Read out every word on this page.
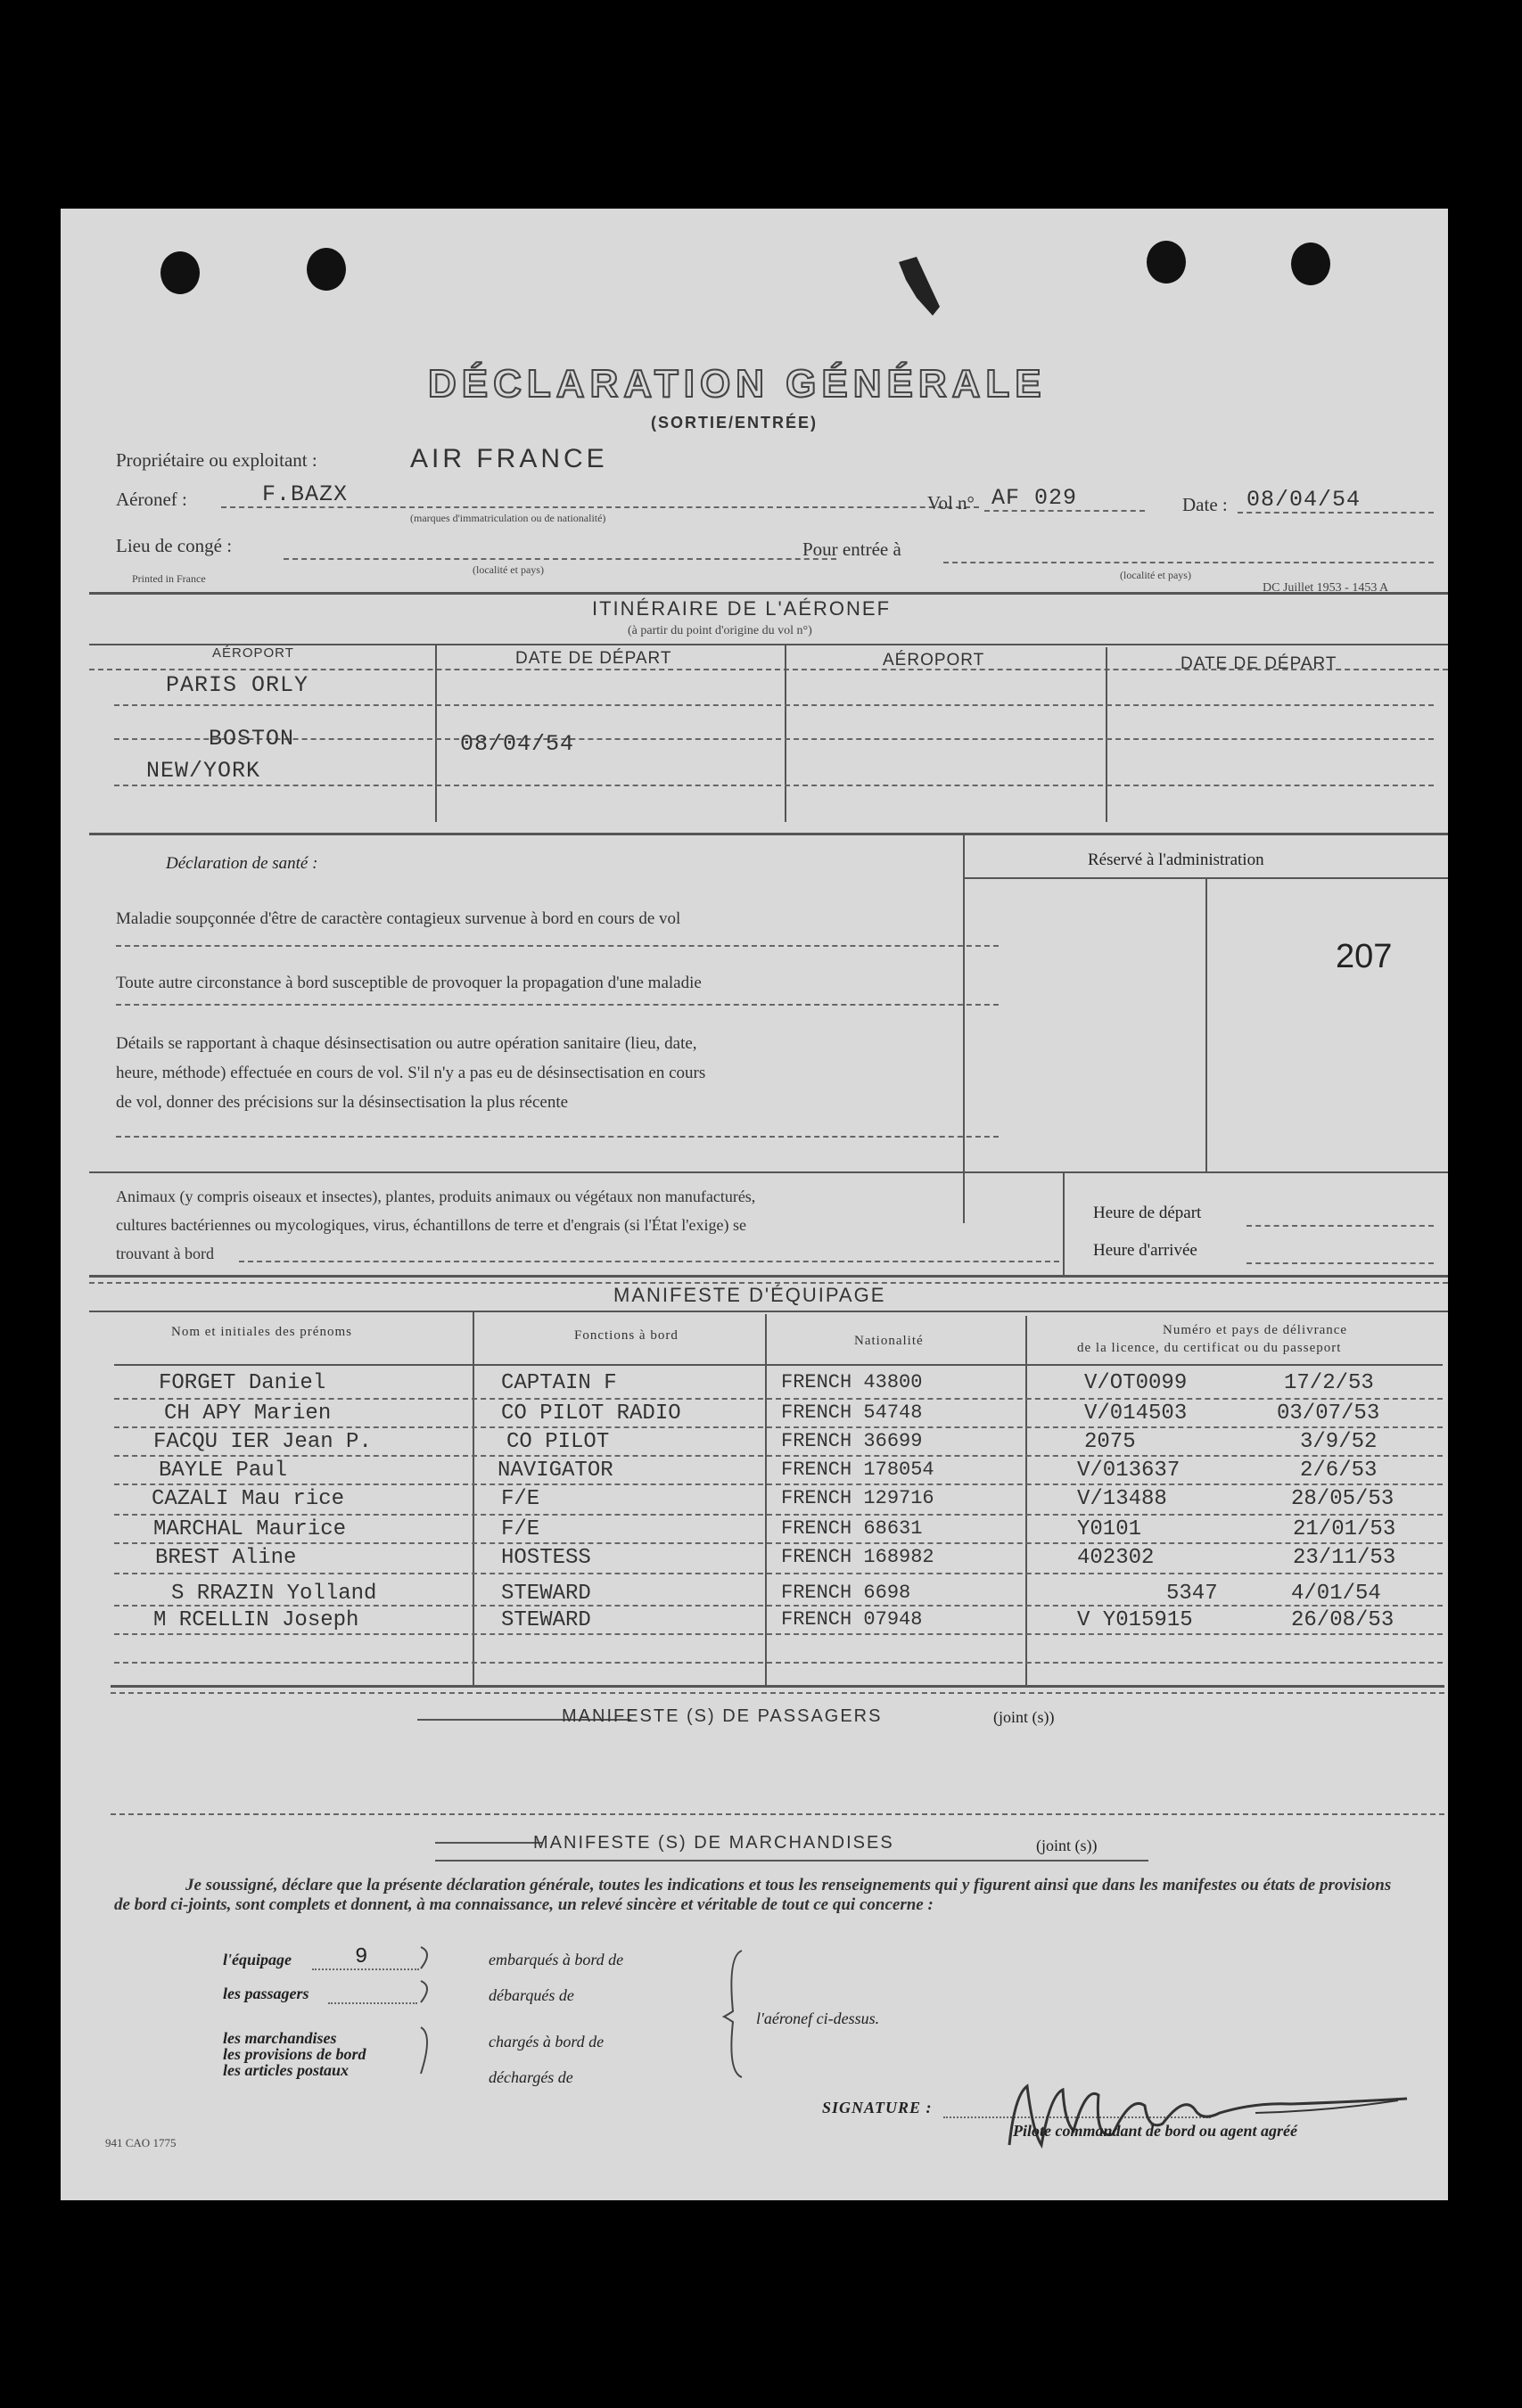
DÉCLARATION GÉNÉRALE
(SORTIE/ENTRÉE)
Propriétaire ou exploitant :	AIR FRANCE
Aéronef :	F.BAZX
(marques d'immatriculation ou de nationalité)
Vol n° AF 029	Date : 08/04/54
Lieu de congé :
(localité et pays)
Pour entrée à
(localité et pays)
Printed in France
DC Juillet 1953 - 1453 A
ITINÉRAIRE DE L'AÉRONEF
(à partir du point d'origine du vol n°)
AÉROPORT	DATE DE DÉPART	AÉROPORT	DATE DE DÉPART
PARIS ORLY
BOSTON	08/04/54
NEW/YORK
Déclaration de santé :
Maladie soupçonnée d'être de caractère contagieux survenue à bord en cours de vol
Toute autre circonstance à bord susceptible de provoquer la propagation d'une maladie
Détails se rapportant à chaque désinsectisation ou autre opération sanitaire (lieu, date,
heure, méthode) effectuée en cours de vol. S'il n'y a pas eu de désinsectisation en cours
de vol, donner des précisions sur la désinsectisation la plus récente
Réservé à l'administration
207
Animaux (y compris oiseaux et insectes), plantes, produits animaux ou végétaux non manufacturés,
cultures bactériennes ou mycologiques, virus, échantillons de terre et d'engrais (si l'État l'exige) se
trouvant à bord
Heure de départ
Heure d'arrivée
MANIFESTE D'ÉQUIPAGE
Nom et initiales des prénoms	Fonctions à bord	Nationalité
Numéro et pays de délivrance
de la licence, du certificat ou du passeport
FORGET Daniel	CAPTAIN F	FRENCH 43800	V/OT0099	17/2/53
CH APY Marien	CO PILOT RADIO	FRENCH 54748	V/014503	03/07/53
FACQU IER Jean P.	CO PILOT	FRENCH 36699	2075	3/9/52
BAYLE Paul	NAVIGATOR	FRENCH 178054	V/013637	2/6/53
CAZALI Mau rice	F/E	FRENCH 129716	V/13488	28/05/53
MARCHAL Maurice	F/E	FRENCH 68631	Y0101	21/01/53
BREST Aline	HOSTESS	FRENCH 168982	402302	23/11/53
S RRAZIN Yolland	STEWARD	FRENCH 6698	5347	4/01/54
M RCELLIN Joseph	STEWARD	FRENCH 07948	V Y015915	26/08/53
MANIFESTE (S) DE PASSAGERS	(joint (s))
MANIFESTE (S) DE MARCHANDISES	(joint (s))
Je soussigné, déclare que la présente déclaration générale, toutes les indications et tous les renseignements qui y figurent ainsi que dans les manifestes ou états de provisions de bord ci-joints, sont complets et donnent, à ma connaissance, un relevé sincère et véritable de tout ce qui concerne :
l'équipage	9
les passagers
les marchandises
les provisions de bord
les articles postaux
embarqués à bord de
débarqués de
chargés à bord de
déchargés de
l'aéronef ci-dessus.
SIGNATURE :
Pilote commandant de bord ou agent agréé
941 CAO 1775
